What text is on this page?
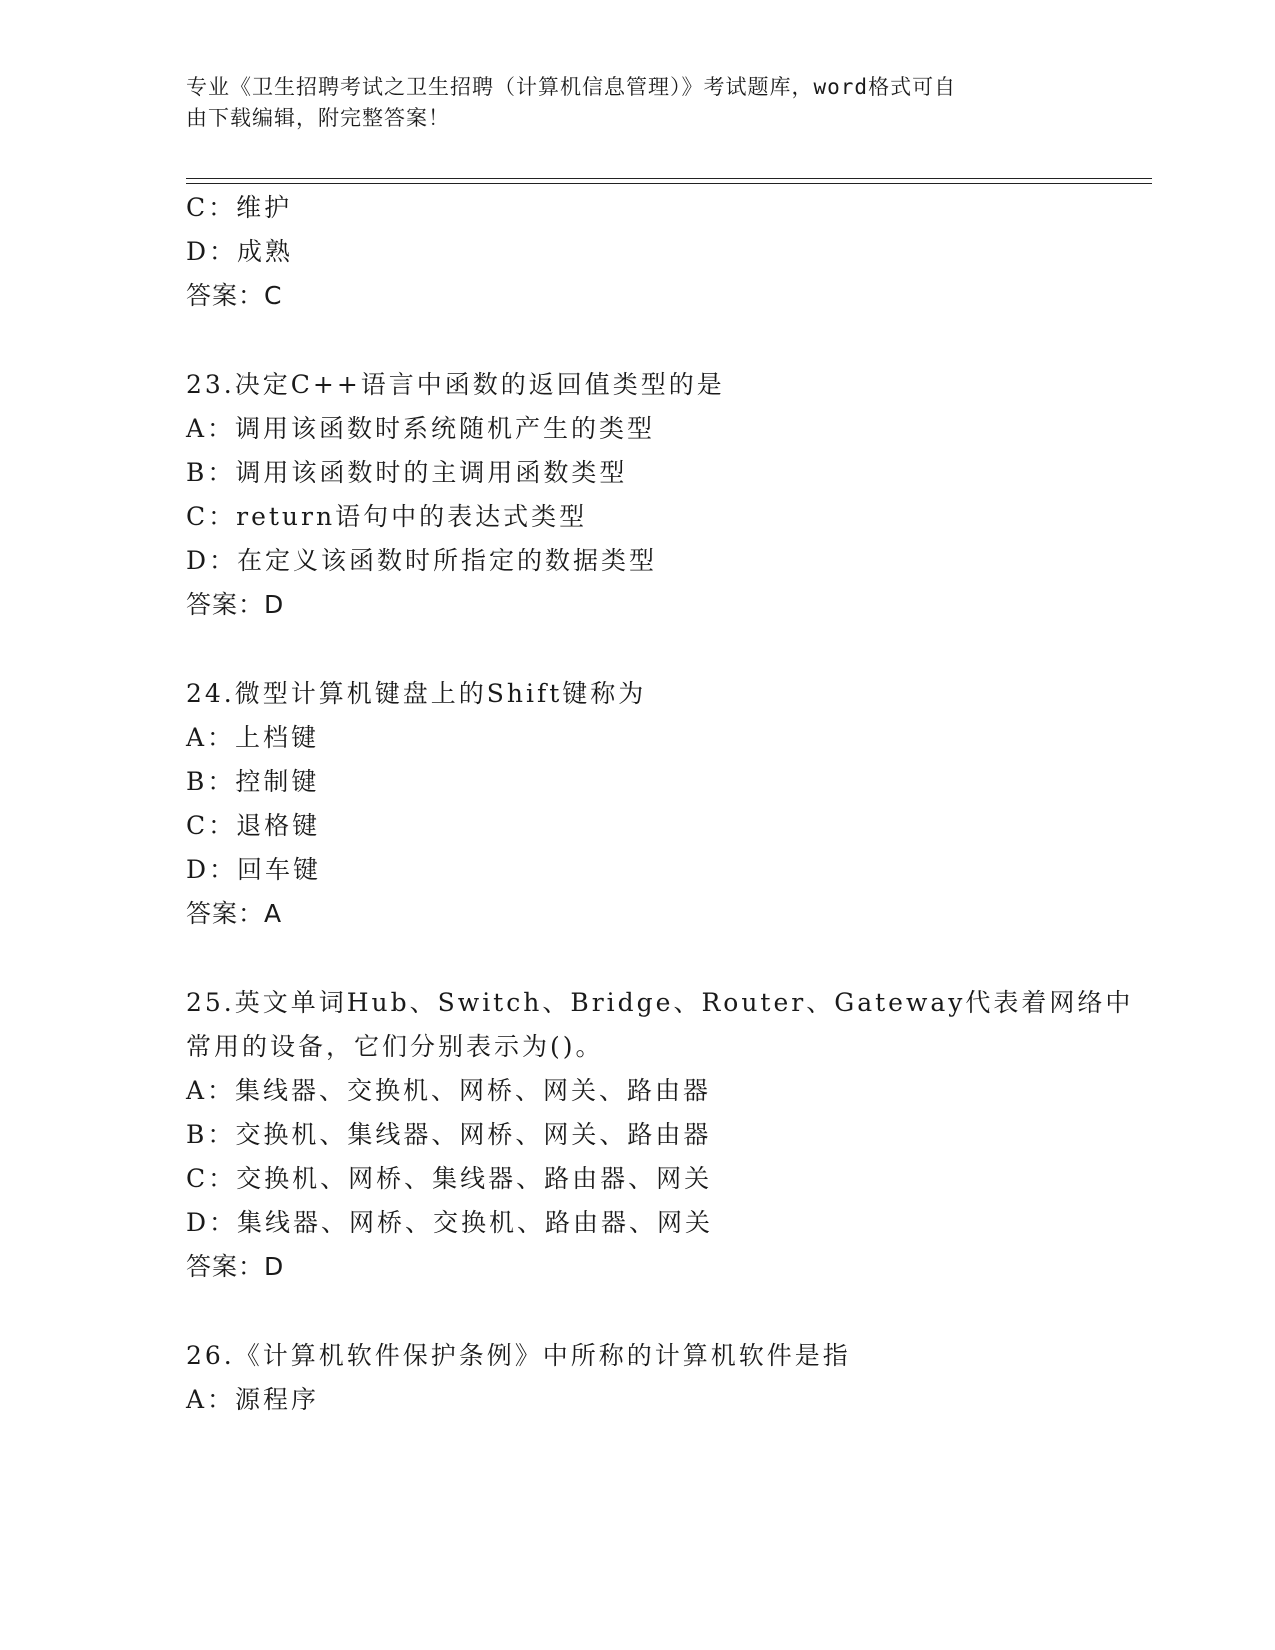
专业《卫生招聘考试之卫生招聘（计算机信息管理）》考试题库，word格式可自
由下载编辑，附完整答案！
C：维护
D：成熟
答案：C
23.决定C++语言中函数的返回值类型的是
A：调用该函数时系统随机产生的类型
B：调用该函数时的主调用函数类型
C：return语句中的表达式类型
D：在定义该函数时所指定的数据类型
答案：D
24.微型计算机键盘上的Shift键称为
A：上档键
B：控制键
C：退格键
D：回车键
答案：A
25.英文单词Hub、Switch、Bridge、Router、Gateway代表着网络中
常用的设备，它们分别表示为()。
A：集线器、交换机、网桥、网关、路由器
B：交换机、集线器、网桥、网关、路由器
C：交换机、网桥、集线器、路由器、网关
D：集线器、网桥、交换机、路由器、网关
答案：D
26.《计算机软件保护条例》中所称的计算机软件是指
A：源程序
